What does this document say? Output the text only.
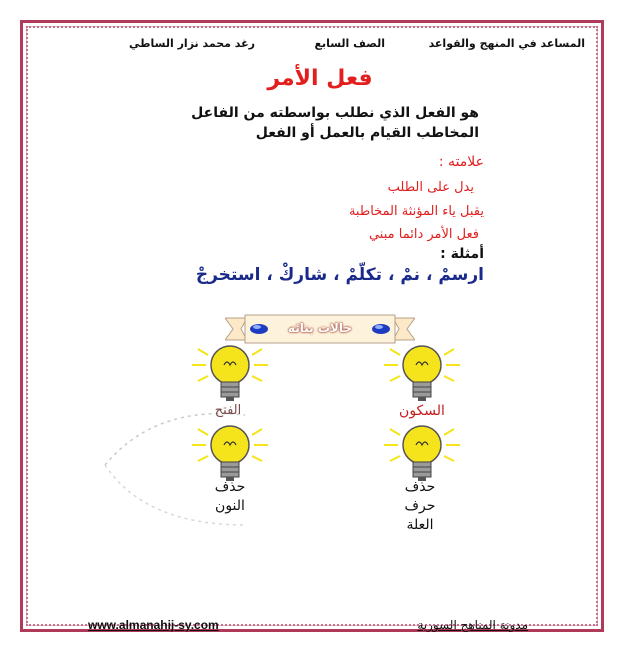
المساعد في المنهج والقواعد
الصف السابع
رغد محمد نزار الساطي
فعل الأمر
هو الفعل الذي نطلب بواسطته من الفاعل
المخاطب القيام بالعمل أو الفعل
علامته :
يدل على الطلب
يقبل ياء المؤنثة المخاطبة
فعل الأمر دائما مبني
أمثلة :
ارسمْ ، نمْ ، تكلّمْ ، شاركْ ، استخرجْ
حالات بنائه
الفتح	السكون
حذف
النون
حذف
حرف
العلة
www.almanahij-sy.com	مدونة المناهج السورية
